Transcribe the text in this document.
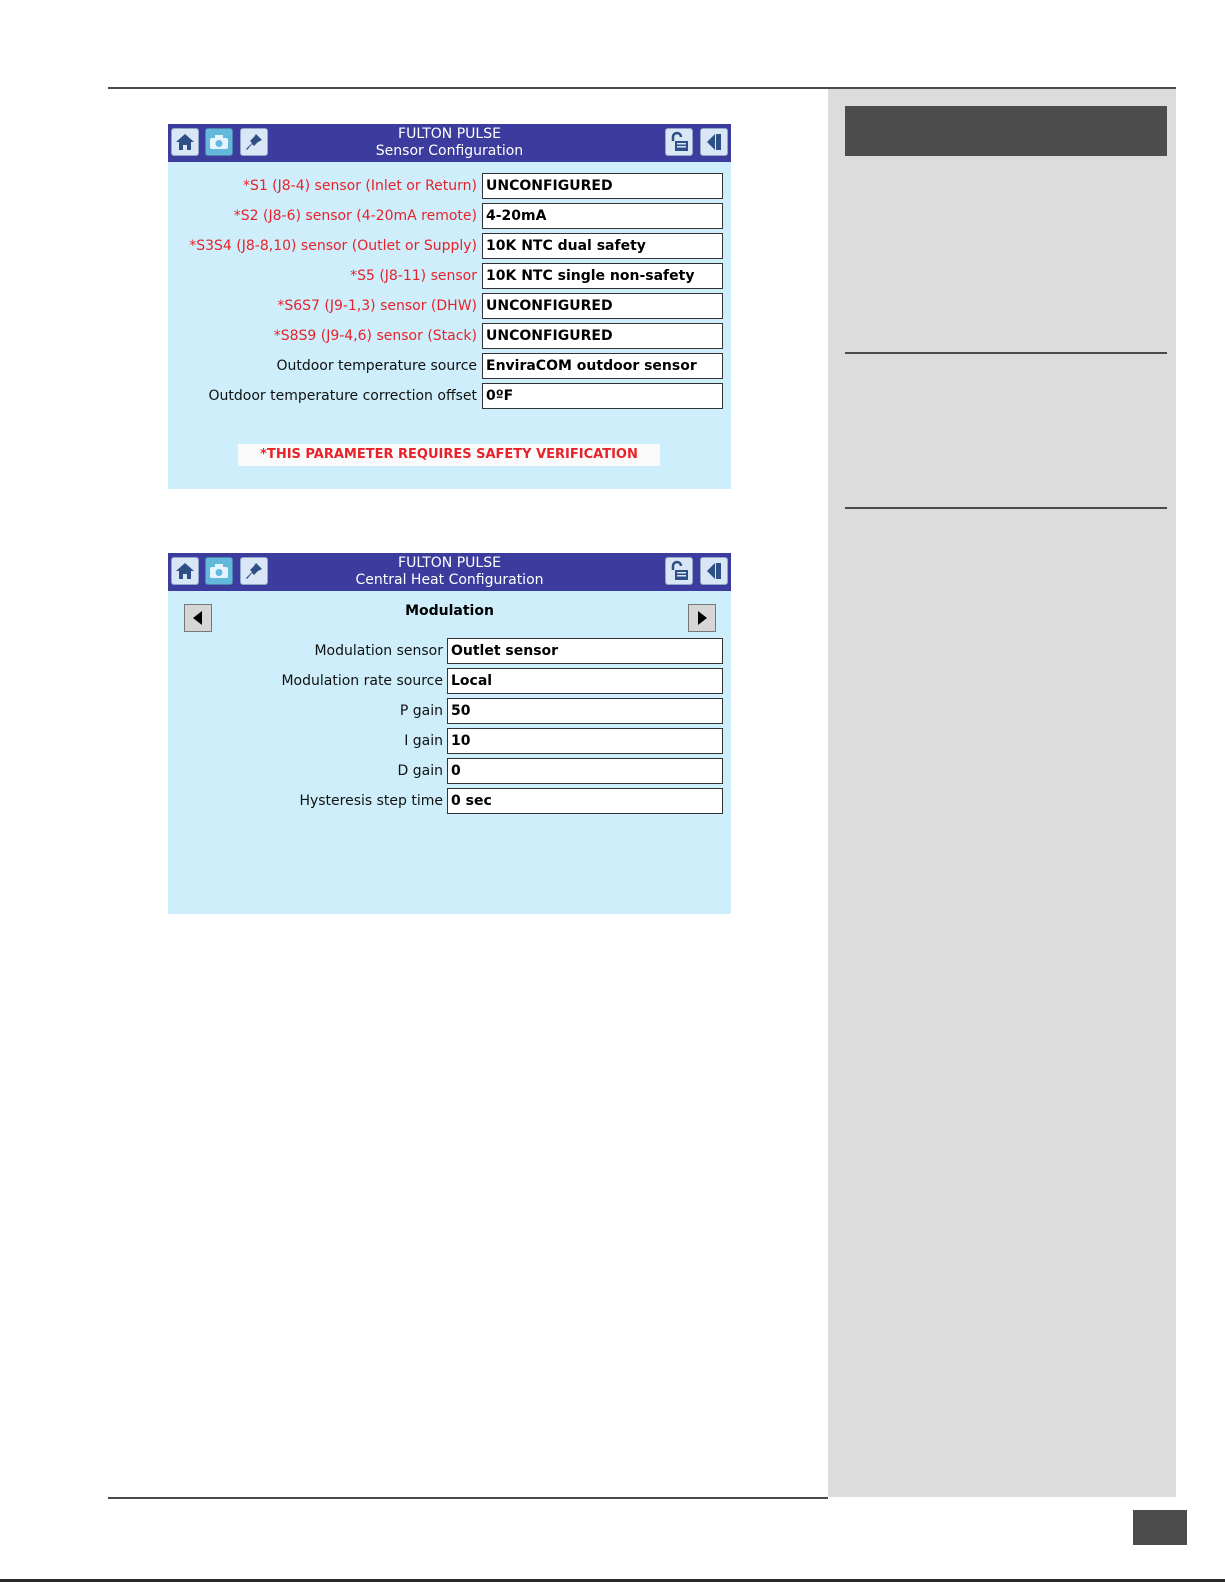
FULTON PULSE
Sensor Configuration
*S1 (J8-4) sensor (Inlet or Return) UNCONFIGURED
*S2 (J8-6) sensor (4-20mA remote) 4-20mA
*S3S4 (J8-8,10) sensor (Outlet or Supply) 10K NTC dual safety
*S5 (J8-11) sensor 10K NTC single non-safety
*S6S7 (J9-1,3) sensor (DHW) UNCONFIGURED
*S8S9 (J9-4,6) sensor (Stack) UNCONFIGURED
Outdoor temperature source EnviraCOM outdoor sensor
Outdoor temperature correction offset 0ºF
*THIS PARAMETER REQUIRES SAFETY VERIFICATION
FULTON PULSE
Central Heat Configuration
Modulation
Modulation sensor Outlet sensor
Modulation rate source Local
P gain 50
I gain 10
D gain 0
Hysteresis step time 0 sec
